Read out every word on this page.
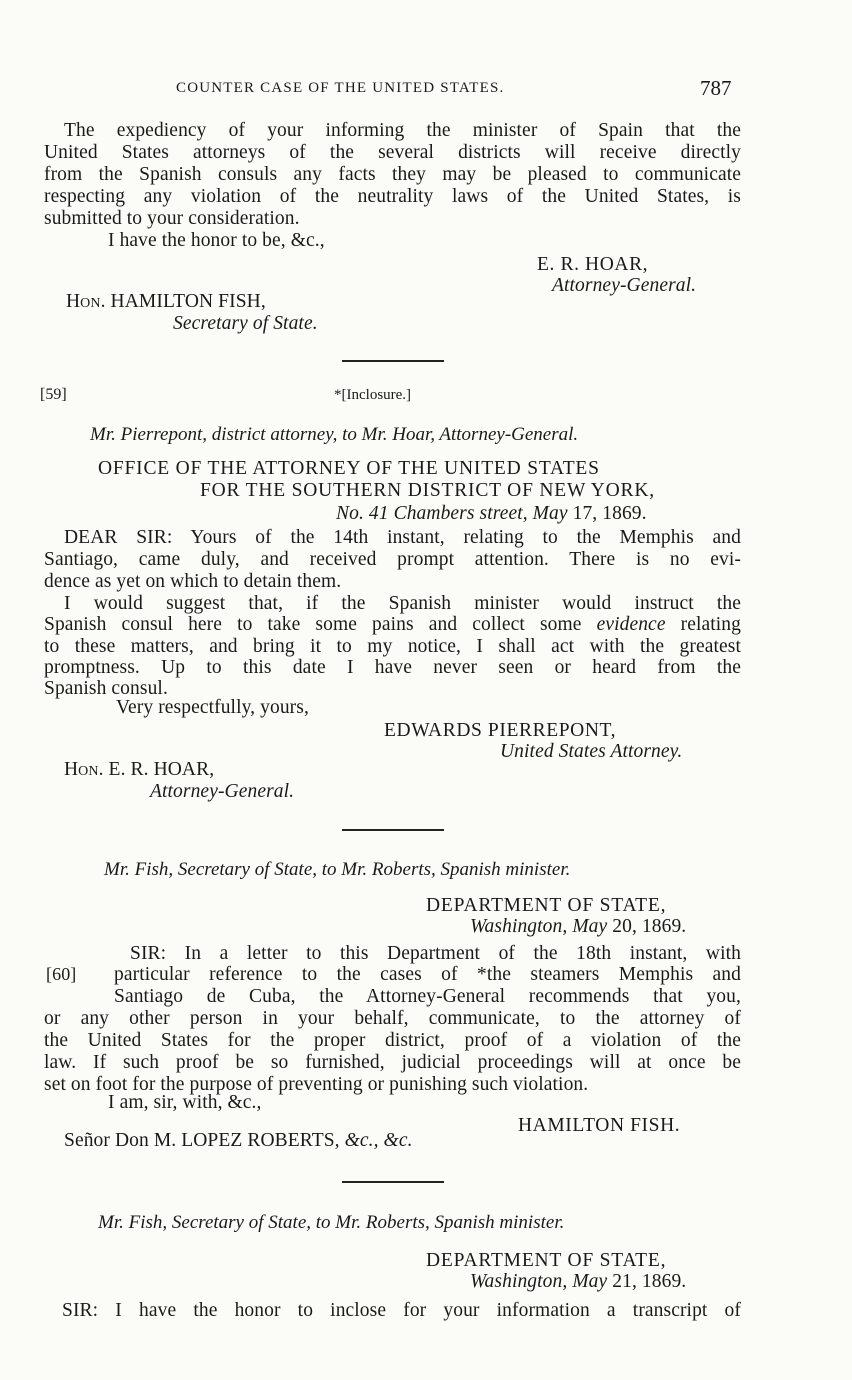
COUNTER CASE OF THE UNITED STATES.	787
The expediency of your informing the minister of Spain that the
United States attorneys of the several districts will receive directly
from the Spanish consuls any facts they may be pleased to communicate
respecting any violation of the neutrality laws of the United States, is
submitted to your consideration.
I have the honor to be, &c.,
E. R. HOAR,
Attorney-General.
Hon. HAMILTON FISH,
Secretary of State.
[59]	*[Inclosure.]
Mr. Pierrepont, district attorney, to Mr. Hoar, Attorney-General.
OFFICE OF THE ATTORNEY OF THE UNITED STATES
FOR THE SOUTHERN DISTRICT OF NEW YORK,
No. 41 Chambers street, May 17, 1869.
DEAR SIR: Yours of the 14th instant, relating to the Memphis and
Santiago, came duly, and received prompt attention. There is no evi-
dence as yet on which to detain them.
I would suggest that, if the Spanish minister would instruct the
Spanish consul here to take some pains and collect some evidence relating
to these matters, and bring it to my notice, I shall act with the greatest
promptness. Up to this date I have never seen or heard from the
Spanish consul.
Very respectfully, yours,
EDWARDS PIERREPONT,
United States Attorney.
Hon. E. R. HOAR,
Attorney-General.
Mr. Fish, Secretary of State, to Mr. Roberts, Spanish minister.
DEPARTMENT OF STATE,
Washington, May 20, 1869.
SIR: In a letter to this Department of the 18th instant, with
[60] particular reference to the cases of *the steamers Memphis and
Santiago de Cuba, the Attorney-General recommends that you,
or any other person in your behalf, communicate, to the attorney of
the United States for the proper district, proof of a violation of the
law. If such proof be so furnished, judicial proceedings will at once be
set on foot for the purpose of preventing or punishing such violation.
I am, sir, with, &c.,
HAMILTON FISH.
Señor Don M. LOPEZ ROBERTS, &c., &c.
Mr. Fish, Secretary of State, to Mr. Roberts, Spanish minister.
DEPARTMENT OF STATE,
Washington, May 21, 1869.
SIR: I have the honor to inclose for your information a transcript of
